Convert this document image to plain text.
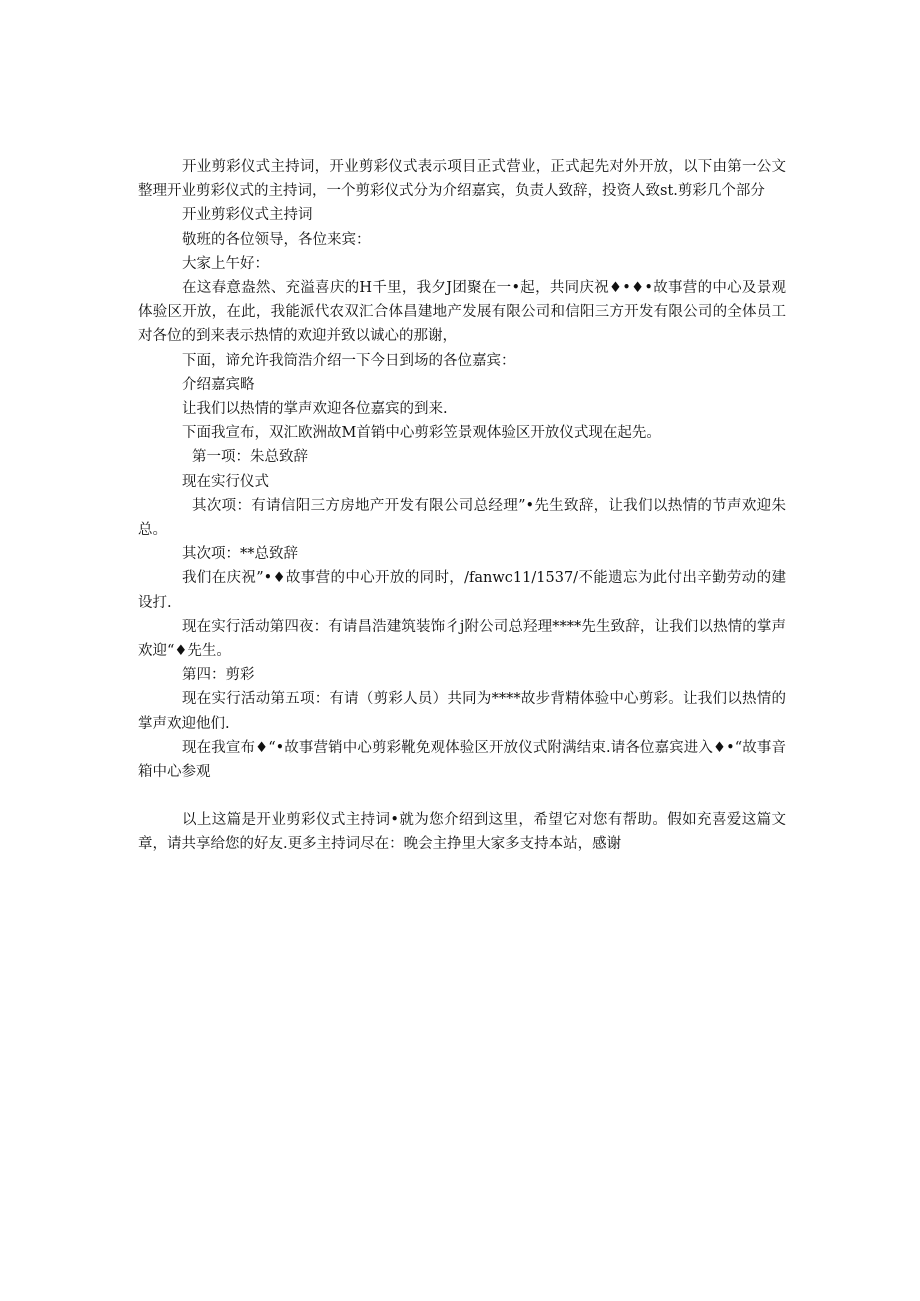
开业剪彩仪式主持词，开业剪彩仪式表示项目正式营业，正式起先对外开放，以下由第一公文整理开业剪彩仪式的主持词，一个剪彩仪式分为介绍嘉宾，负责人致辞，投资人致st.剪彩几个部分

开业剪彩仪式主持词

敬班的各位领导，各位来宾：

大家上午好：

在这春意盎然、充溢喜庆的H千里，我夕J团聚在一•起，共同庆祝♦•♦•故事营的中心及景观体验区开放，在此，我能派代农双汇合体昌建地产发展有限公司和信阳三方开发有限公司的全体员工对各位的到来表示热情的欢迎并致以诚心的那谢，

下面，谛允许我筒浩介绍一下今日到场的各位嘉宾：

介绍嘉宾略

让我们以热情的掌声欢迎各位嘉宾的到来.

下面我宣布，双汇欧洲故M首销中心剪彩笠景观体验区开放仪式现在起先。

第一项：朱总致辞

现在实行仪式

其次项：有请信阳三方房地产开发有限公司总经理”•先生致辞，让我们以热情的节声欢迎朱总。

其次项：**总致辞

我们在庆祝”•♦故事营的中心开放的同时，/fanwc11/1537/不能遗忘为此付出辛勤劳动的建设打.

现在实行活动第四夜：有请昌浩建筑装饰彳j附公司总羟理****先生致辞，让我们以热情的掌声欢迎“♦先生。

第四：剪彩

现在实行活动第五项：有请（剪彩人员）共同为****故步背精体验中心剪彩。让我们以热情的掌声欢迎他们.

现在我宣布♦“•故事营销中心剪彩靴免观体验区开放仪式附满结束.请各位嘉宾进入♦•“故事音箱中心参观

以上这篇是开业剪彩仪式主持词•就为您介绍到这里，希望它对您有帮助。假如充喜爱这篇文章，请共享给您的好友.更多主持词尽在：晚会主挣里大家多支持本站，感谢
